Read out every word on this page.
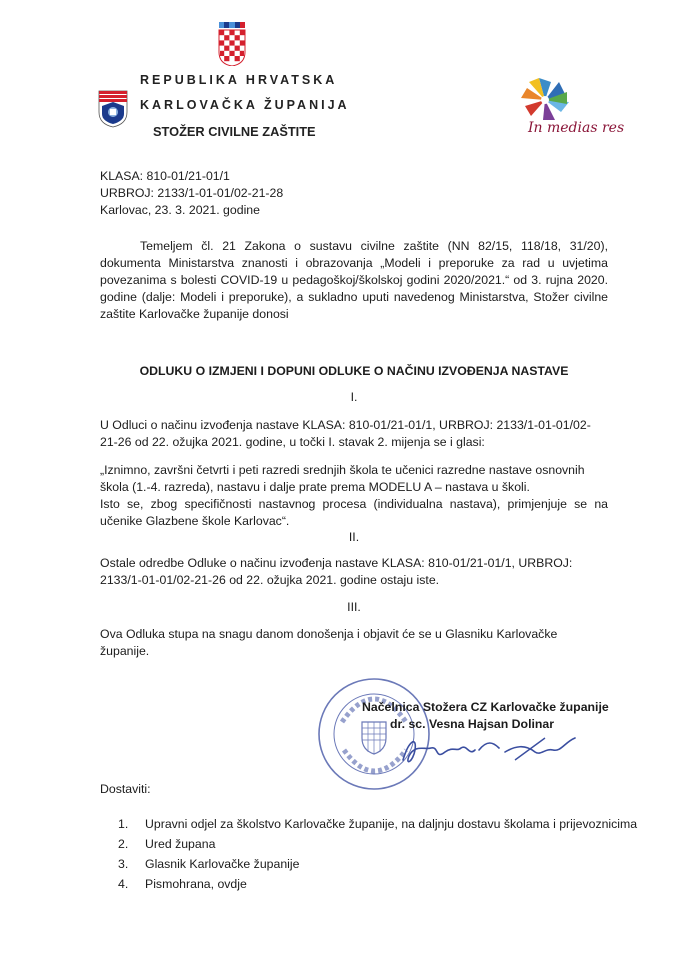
REPUBLIKA HRVATSKA
KARLOVAČKA ŽUPANIJA
STOŽER CIVILNE ZAŠTITE	In medias res
KLASA: 810-01/21-01/1
URBROJ: 2133/1-01-01/02-21-28
Karlovac, 23. 3. 2021. godine

Temeljem čl. 21 Zakona o sustavu civilne zaštite (NN 82/15, 118/18, 31/20), dokumenta Ministarstva znanosti i obrazovanja „Modeli i preporuke za rad u uvjetima povezanima s bolesti COVID-19 u pedagoškoj/školskoj godini 2020/2021.“ od 3. rujna 2020. godine (dalje: Modeli i preporuke), a sukladno uputi navedenog Ministarstva, Stožer civilne zaštite Karlovačke županije donosi

ODLUKU O IZMJENI I DOPUNI ODLUKE O NAČINU IZVOĐENJA NASTAVE
I.

U Odluci o načinu izvođenja nastave KLASA: 810-01/21-01/1, URBROJ: 2133/1-01-01/02-21-26 od 22. ožujka 2021. godine, u točki I. stavak 2. mijenja se i glasi:

„Iznimno, završni četvrti i peti razredi srednjih škola te učenici razredne nastave osnovnih škola (1.-4. razreda), nastavu i dalje prate prema MODELU A – nastava u školi.

Isto se, zbog specifičnosti nastavnog procesa (individualna nastava), primjenjuje se na učenike Glazbene škole Karlovac“.

II.

Ostale odredbe Odluke o načinu izvođenja nastave KLASA: 810-01/21-01/1, URBROJ: 2133/1-01-01/02-21-26 od 22. ožujka 2021. godine ostaju iste.

III.

Ova Odluka stupa na snagu danom donošenja i objavit će se u Glasniku Karlovačke županije.

Načelnica Stožera CZ Karlovačke županije
dr. sc. Vesna Hajsan Dolinar
Dostaviti:
1. Upravni odjel za školstvo Karlovačke županije, na daljnju dostavu školama i prijevoznicima
2. Ured župana
3. Glasnik Karlovačke županije
4. Pismohrana, ovdje
